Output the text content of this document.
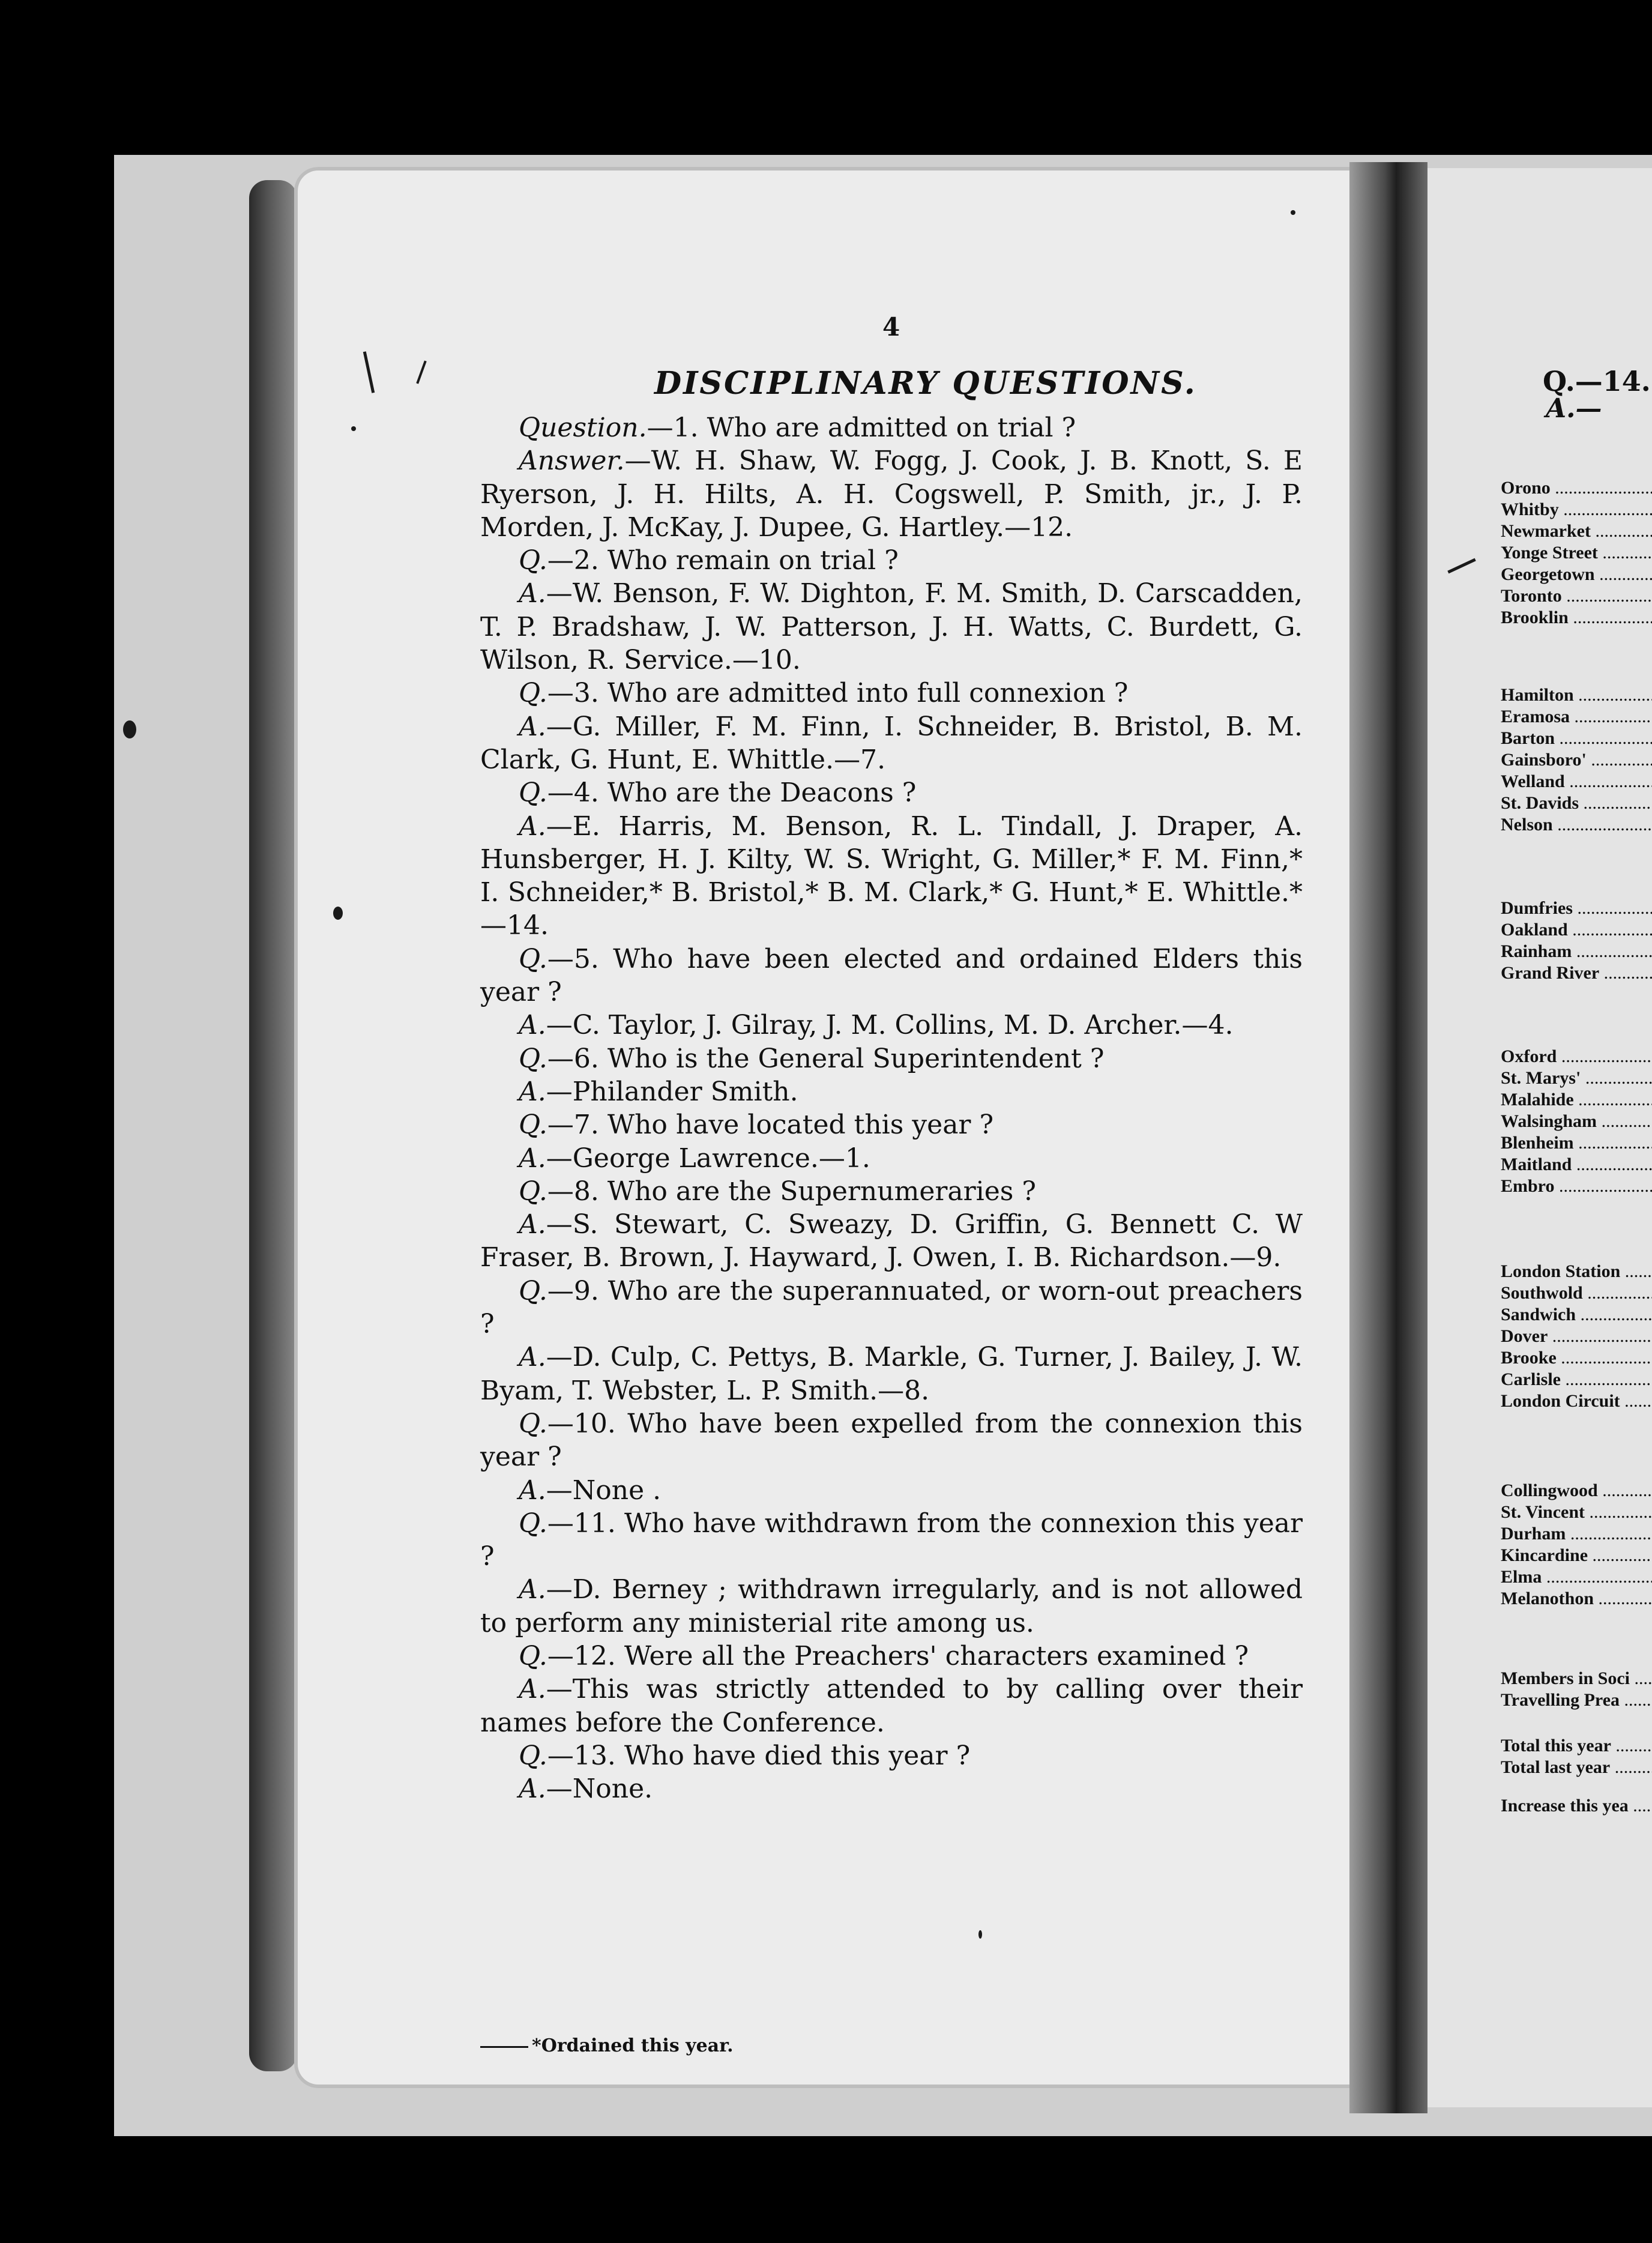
4
DISCIPLINARY QUESTIONS.

Question.—1. Who are admitted on trial ?

Answer.—W. H. Shaw, W. Fogg, J. Cook, J. B. Knott, S. E Ryerson, J. H. Hilts, A. H. Cogswell, P. Smith, jr., J. P. Morden, J. McKay, J. Dupee, G. Hartley.—12.

Q.—2. Who remain on trial ?

A.—W. Benson, F. W. Dighton, F. M. Smith, D. Carscadden, T. P. Bradshaw, J. W. Patterson, J. H. Watts, C. Burdett, G. Wilson, R. Service.—10.

Q.—3. Who are admitted into full connexion ?

A.—G. Miller, F. M. Finn, I. Schneider, B. Bristol, B. M. Clark, G. Hunt, E. Whittle.—7.

Q.—4. Who are the Deacons ?

A.—E. Harris, M. Benson, R. L. Tindall, J. Draper, A. Hunsberger, H. J. Kilty, W. S. Wright, G. Miller,* F. M. Finn,* I. Schneider,* B. Bristol,* B. M. Clark,* G. Hunt,* E. Whittle.* —14.

Q.—5. Who have been elected and ordained Elders this year ?

A.—C. Taylor, J. Gilray, J. M. Collins, M. D. Archer.—4.

Q.—6. Who is the General Superintendent ?

A.—Philander Smith.

Q.—7. Who have located this year ?

A.—George Lawrence.—1.

Q.—8. Who are the Supernumeraries ?

A.—S. Stewart, C. Sweazy, D. Griffin, G. Bennett C. W Fraser, B. Brown, J. Hayward, J. Owen, I. B. Richardson.—9.

Q.—9. Who are the superannuated, or worn-out preachers ?

A.—D. Culp, C. Pettys, B. Markle, G. Turner, J. Bailey, J. W. Byam, T. Webster, L. P. Smith.—8.

Q.—10. Who have been expelled from the connexion this year ?

A.—None .

Q.—11. Who have withdrawn from the connexion this year ?

A.—D. Berney ; withdrawn irregularly, and is not allowed to perform any ministerial rite among us.

Q.—12. Were all the Preachers' characters examined ?

A.—This was strictly attended to by calling over their names before the Conference.

Q.—13. Who have died this year ?

A.—None.

*Ordained this year.
Q.—14.
A.—
Orono .....
Whitby .....
Newmarket .....
Yonge Street .....
Georgetown .....
Toronto .....
Brooklin .....
Hamilton .....
Eramosa .....
Barton .....
Gainsboro' .....
Welland .....
St. Davids .....
Nelson .....
Dumfries .....
Oakland .....
Rainham .....
Grand River .....
Oxford .....
St. Marys' .....
Malahide .....
Walsingham .....
Blenheim .....
Maitland .....
Embro .....
London Station .....
Southwold .....
Sandwich .....
Dover .....
Brooke .....
Carlisle .....
London Circuit .....
Collingwood .....
St. Vincent .....
Durham .....
Kincardine .....
Elma .....
Melanothon .....
Members in Soci .....
Travelling Prea .....
Total this year .....
Total last year .....
Increase this yea .....
